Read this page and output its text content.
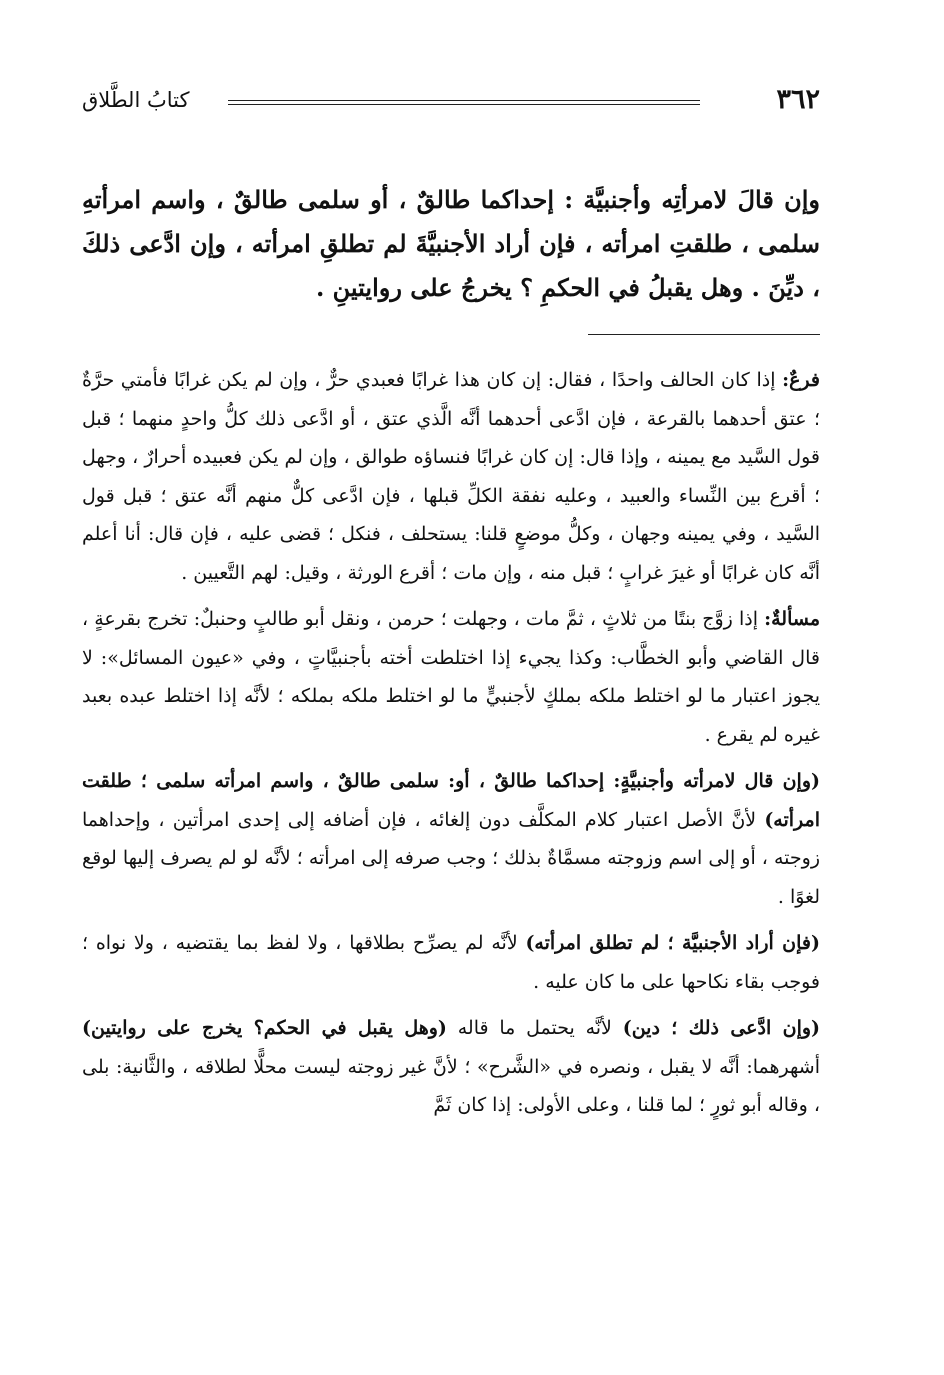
٣٦٢
كتابُ الطَّلاق
وإن قالَ لامرأتِه وأجنبيَّة : إحداكما طالقٌ ، أو سلمى طالقٌ ، واسم امرأتهِ سلمى ، طلقتِ امرأته ، فإن أراد الأجنبيَّةَ لم تطلقِ امرأته ، وإن ادَّعى ذلكَ ، ديِّنَ . وهل يقبلُ في الحكمِ ؟ يخرجُ على روايتينِ .

فرعٌ: إذا كان الحالف واحدًا ، فقال: إن كان هذا غرابًا فعبدي حرٌّ ، وإن لم يكن غرابًا فأمتي حرَّةٌ ؛ عتق أحدهما بالقرعة ، فإن ادَّعى أحدهما أنَّه الَّذي عتق ، أو ادَّعى ذلك كلُّ واحدٍ منهما ؛ قبل قول السَّيد مع يمينه ، وإذا قال: إن كان غرابًا فنساؤه طوالق ، وإن لم يكن فعبيده أحرارٌ ، وجهل ؛ أقرع بين النِّساء والعبيد ، وعليه نفقة الكلِّ قبلها ، فإن ادَّعى كلٌّ منهم أنَّه عتق ؛ قبل قول السَّيد ، وفي يمينه وجهان ، وكلُّ موضعٍ قلنا: يستحلف ، فنكل ؛ قضى عليه ، فإن قال: أنا أعلم أنَّه كان غرابًا أو غيرَ غرابٍ ؛ قبل منه ، وإن مات ؛ أقرع الورثة ، وقيل: لهم التَّعيين .

مسألةٌ: إذا زوَّج بنتًا من ثلاثٍ ، ثمَّ مات ، وجهلت ؛ حرمن ، ونقل أبو طالبٍ وحنبلٌ: تخرج بقرعةٍ ، قال القاضي وأبو الخطَّاب: وكذا يجيء إذا اختلطت أخته بأجنبيَّاتٍ ، وفي «عيون المسائل»: لا يجوز اعتبار ما لو اختلط ملكه بملكٍ لأجنبيٍّ ما لو اختلط ملكه بملكه ؛ لأنَّه إذا اختلط عبده بعبد غيره لم يقرع .

(وإن قال لامرأته وأجنبيَّةٍ: إحداكما طالقٌ ، أو: سلمى طالقٌ ، واسم امرأته سلمى ؛ طلقت امرأته) لأنَّ الأصل اعتبار كلام المكلَّف دون إلغائه ، فإن أضافه إلى إحدى امرأتين ، وإحداهما زوجته ، أو إلى اسم وزوجته مسمَّاةٌ بذلك ؛ وجب صرفه إلى امرأته ؛ لأنَّه لو لم يصرف إليها لوقع لغوًا .

(فإن أراد الأجنبيَّة ؛ لم تطلق امرأته) لأنَّه لم يصرِّح بطلاقها ، ولا لفظ بما يقتضيه ، ولا نواه ؛ فوجب بقاء نكاحها على ما كان عليه .

(وإن ادَّعى ذلك ؛ دين) لأنَّه يحتمل ما قاله (وهل يقبل في الحكم؟ يخرج على روايتين) أشهرهما: أنَّه لا يقبل ، ونصره في «الشَّرح» ؛ لأنَّ غير زوجته ليست محلًّا لطلاقه ، والثَّانية: بلى ، وقاله أبو ثورٍ ؛ لما قلنا ، وعلى الأولى: إذا كان ثَمَّ
